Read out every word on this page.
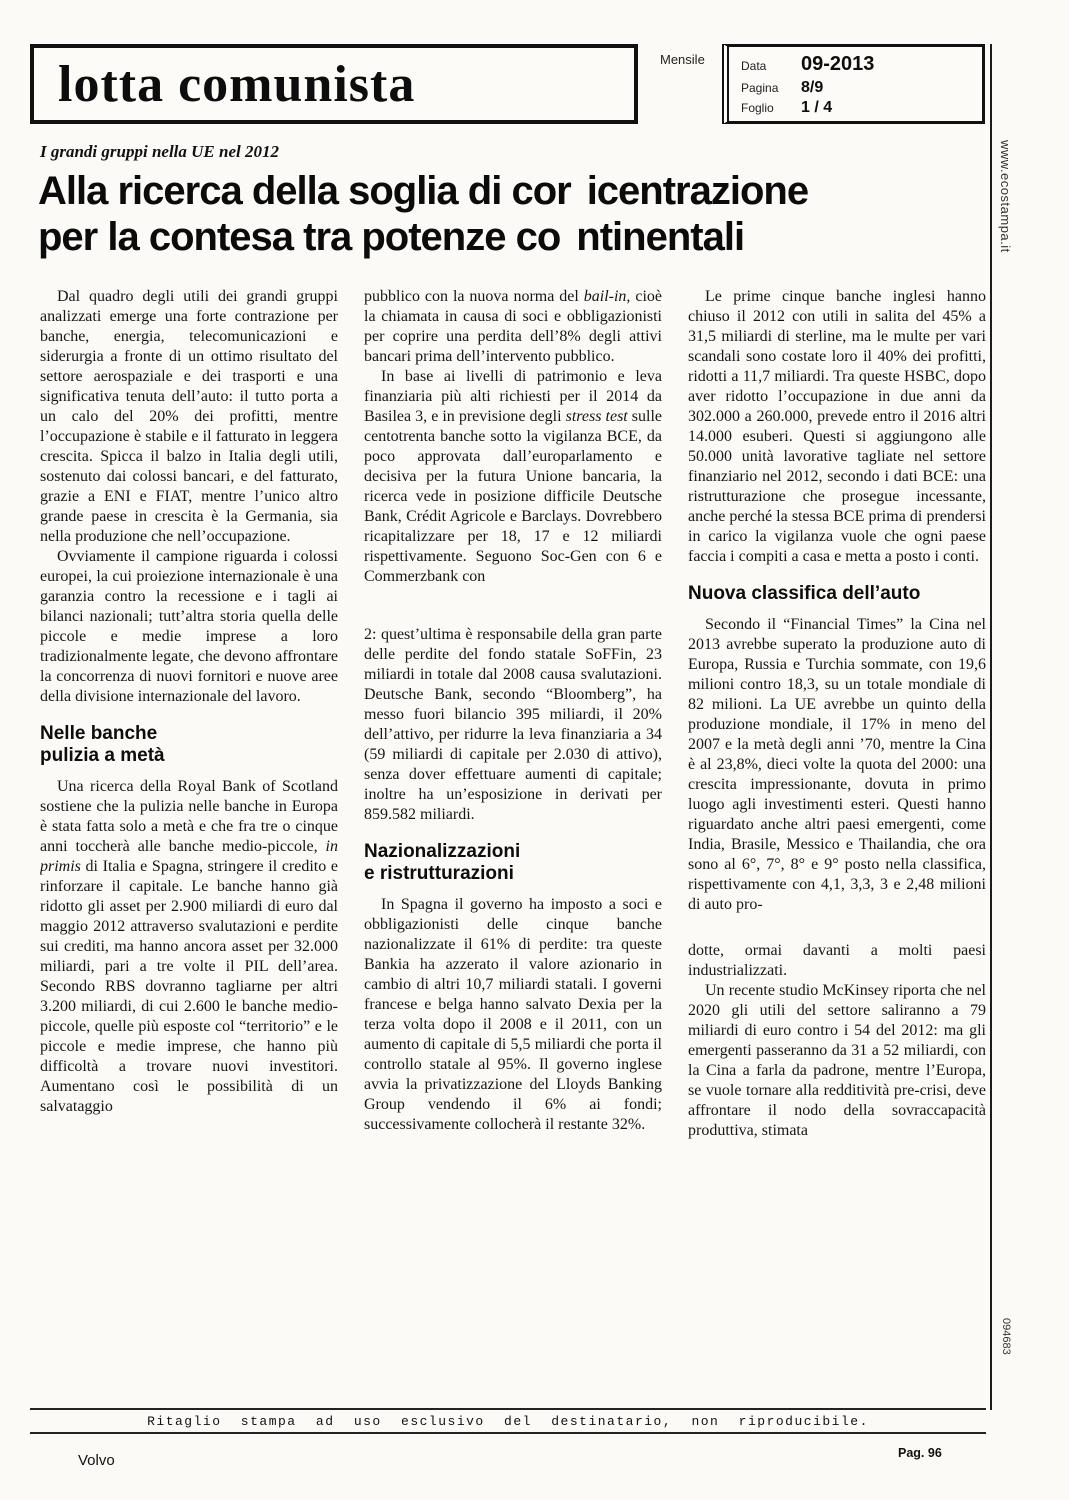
lotta comunista	Mensile	Data	09-2013
Pagina	8/9
Foglio	1 / 4
www.ecostampa.it
094683
I grandi gruppi nella UE nel 2012
Alla ricerca della soglia di cor icentrazione
per la contesa tra potenze co ntinentali

Dal quadro degli utili dei grandi gruppi analizzati emerge una forte contrazione per banche, energia, telecomunicazioni e siderurgia a fronte di un ottimo risultato del settore aerospaziale e dei trasporti e una significativa tenuta dell’auto: il tutto porta a un calo del 20% dei profitti, mentre l’occupazione è stabile e il fatturato in leggera crescita. Spicca il balzo in Italia degli utili, sostenuto dai colossi bancari, e del fatturato, grazie a ENI e FIAT, mentre l’unico altro grande paese in crescita è la Germania, sia nella produzione che nell’occupazione.

Ovviamente il campione riguarda i colossi europei, la cui proiezione internazionale è una garanzia contro la recessione e i tagli ai bilanci nazionali; tutt’altra storia quella delle piccole e medie imprese a loro tradizionalmente legate, che devono affrontare la concorrenza di nuovi fornitori e nuove aree della divisione internazionale del lavoro.

Nelle banche
pulizia a metà

Una ricerca della Royal Bank of Scotland sostiene che la pulizia nelle banche in Europa è stata fatta solo a metà e che fra tre o cinque anni toccherà alle banche medio-piccole, in primis di Italia e Spagna, stringere il credito e rinforzare il capitale. Le banche hanno già ridotto gli asset per 2.900 miliardi di euro dal maggio 2012 attraverso svalutazioni e perdite sui crediti, ma hanno ancora asset per 32.000 miliardi, pari a tre volte il PIL dell’area. Secondo RBS dovranno tagliarne per altri 3.200 miliardi, di cui 2.600 le banche medio-piccole, quelle più esposte col “territorio” e le piccole e medie imprese, che hanno più difficoltà a trovare nuovi investitori. Aumentano così le possibilità di un salvataggio

pubblico con la nuova norma del bail-in, cioè la chiamata in causa di soci e obbligazionisti per coprire una perdita dell’8% degli attivi bancari prima dell’intervento pubblico.

In base ai livelli di patrimonio e leva finanziaria più alti richiesti per il 2014 da Basilea 3, e in previsione degli stress test sulle centotrenta banche sotto la vigilanza BCE, da poco approvata dall’europarlamento e decisiva per la futura Unione bancaria, la ricerca vede in posizione difficile Deutsche Bank, Crédit Agricole e Barclays. Dovrebbero ricapitalizzare per 18, 17 e 12 miliardi rispettivamente. Seguono Soc-Gen con 6 e Commerzbank con

2: quest’ultima è responsabile della gran parte delle perdite del fondo statale SoFFin, 23 miliardi in totale dal 2008 causa svalutazioni. Deutsche Bank, secondo “Bloomberg”, ha messo fuori bilancio 395 miliardi, il 20% dell’attivo, per ridurre la leva finanziaria a 34 (59 miliardi di capitale per 2.030 di attivo), senza dover effettuare aumenti di capitale; inoltre ha un’esposizione in derivati per 859.582 miliardi.

Nazionalizzazioni
e ristrutturazioni

In Spagna il governo ha imposto a soci e obbligazionisti delle cinque banche nazionalizzate il 61% di perdite: tra queste Bankia ha azzerato il valore azionario in cambio di altri 10,7 miliardi statali. I governi francese e belga hanno salvato Dexia per la terza volta dopo il 2008 e il 2011, con un aumento di capitale di 5,5 miliardi che porta il controllo statale al 95%. Il governo inglese avvia la privatizzazione del Lloyds Banking Group vendendo il 6% ai fondi; successivamente collocherà il restante 32%.

Le prime cinque banche inglesi hanno chiuso il 2012 con utili in salita del 45% a 31,5 miliardi di sterline, ma le multe per vari scandali sono costate loro il 40% dei profitti, ridotti a 11,7 miliardi. Tra queste HSBC, dopo aver ridotto l’occupazione in due anni da 302.000 a 260.000, prevede entro il 2016 altri 14.000 esuberi. Questi si aggiungono alle 50.000 unità lavorative tagliate nel settore finanziario nel 2012, secondo i dati BCE: una ristrutturazione che prosegue incessante, anche perché la stessa BCE prima di prendersi in carico la vigilanza vuole che ogni paese faccia i compiti a casa e metta a posto i conti.

Nuova classifica dell’auto

Secondo il “Financial Times” la Cina nel 2013 avrebbe superato la produzione auto di Europa, Russia e Turchia sommate, con 19,6 milioni contro 18,3, su un totale mondiale di 82 milioni. La UE avrebbe un quinto della produzione mondiale, il 17% in meno del 2007 e la metà degli anni ’70, mentre la Cina è al 23,8%, dieci volte la quota del 2000: una crescita impressionante, dovuta in primo luogo agli investimenti esteri. Questi hanno riguardato anche altri paesi emergenti, come India, Brasile, Messico e Thailandia, che ora sono al 6°, 7°, 8° e 9° posto nella classifica, rispettivamente con 4,1, 3,3, 3 e 2,48 milioni di auto pro-

dotte, ormai davanti a molti paesi industrializzati.

Un recente studio McKinsey riporta che nel 2020 gli utili del settore saliranno a 79 miliardi di euro contro i 54 del 2012: ma gli emergenti passeranno da 31 a 52 miliardi, con la Cina a farla da padrone, mentre l’Europa, se vuole tornare alla redditività pre-crisi, deve affrontare il nodo della sovraccapacità produttiva, stimata

Ritaglio stampa ad uso esclusivo del destinatario, non riproducibile.
Volvo	Pag. 96
